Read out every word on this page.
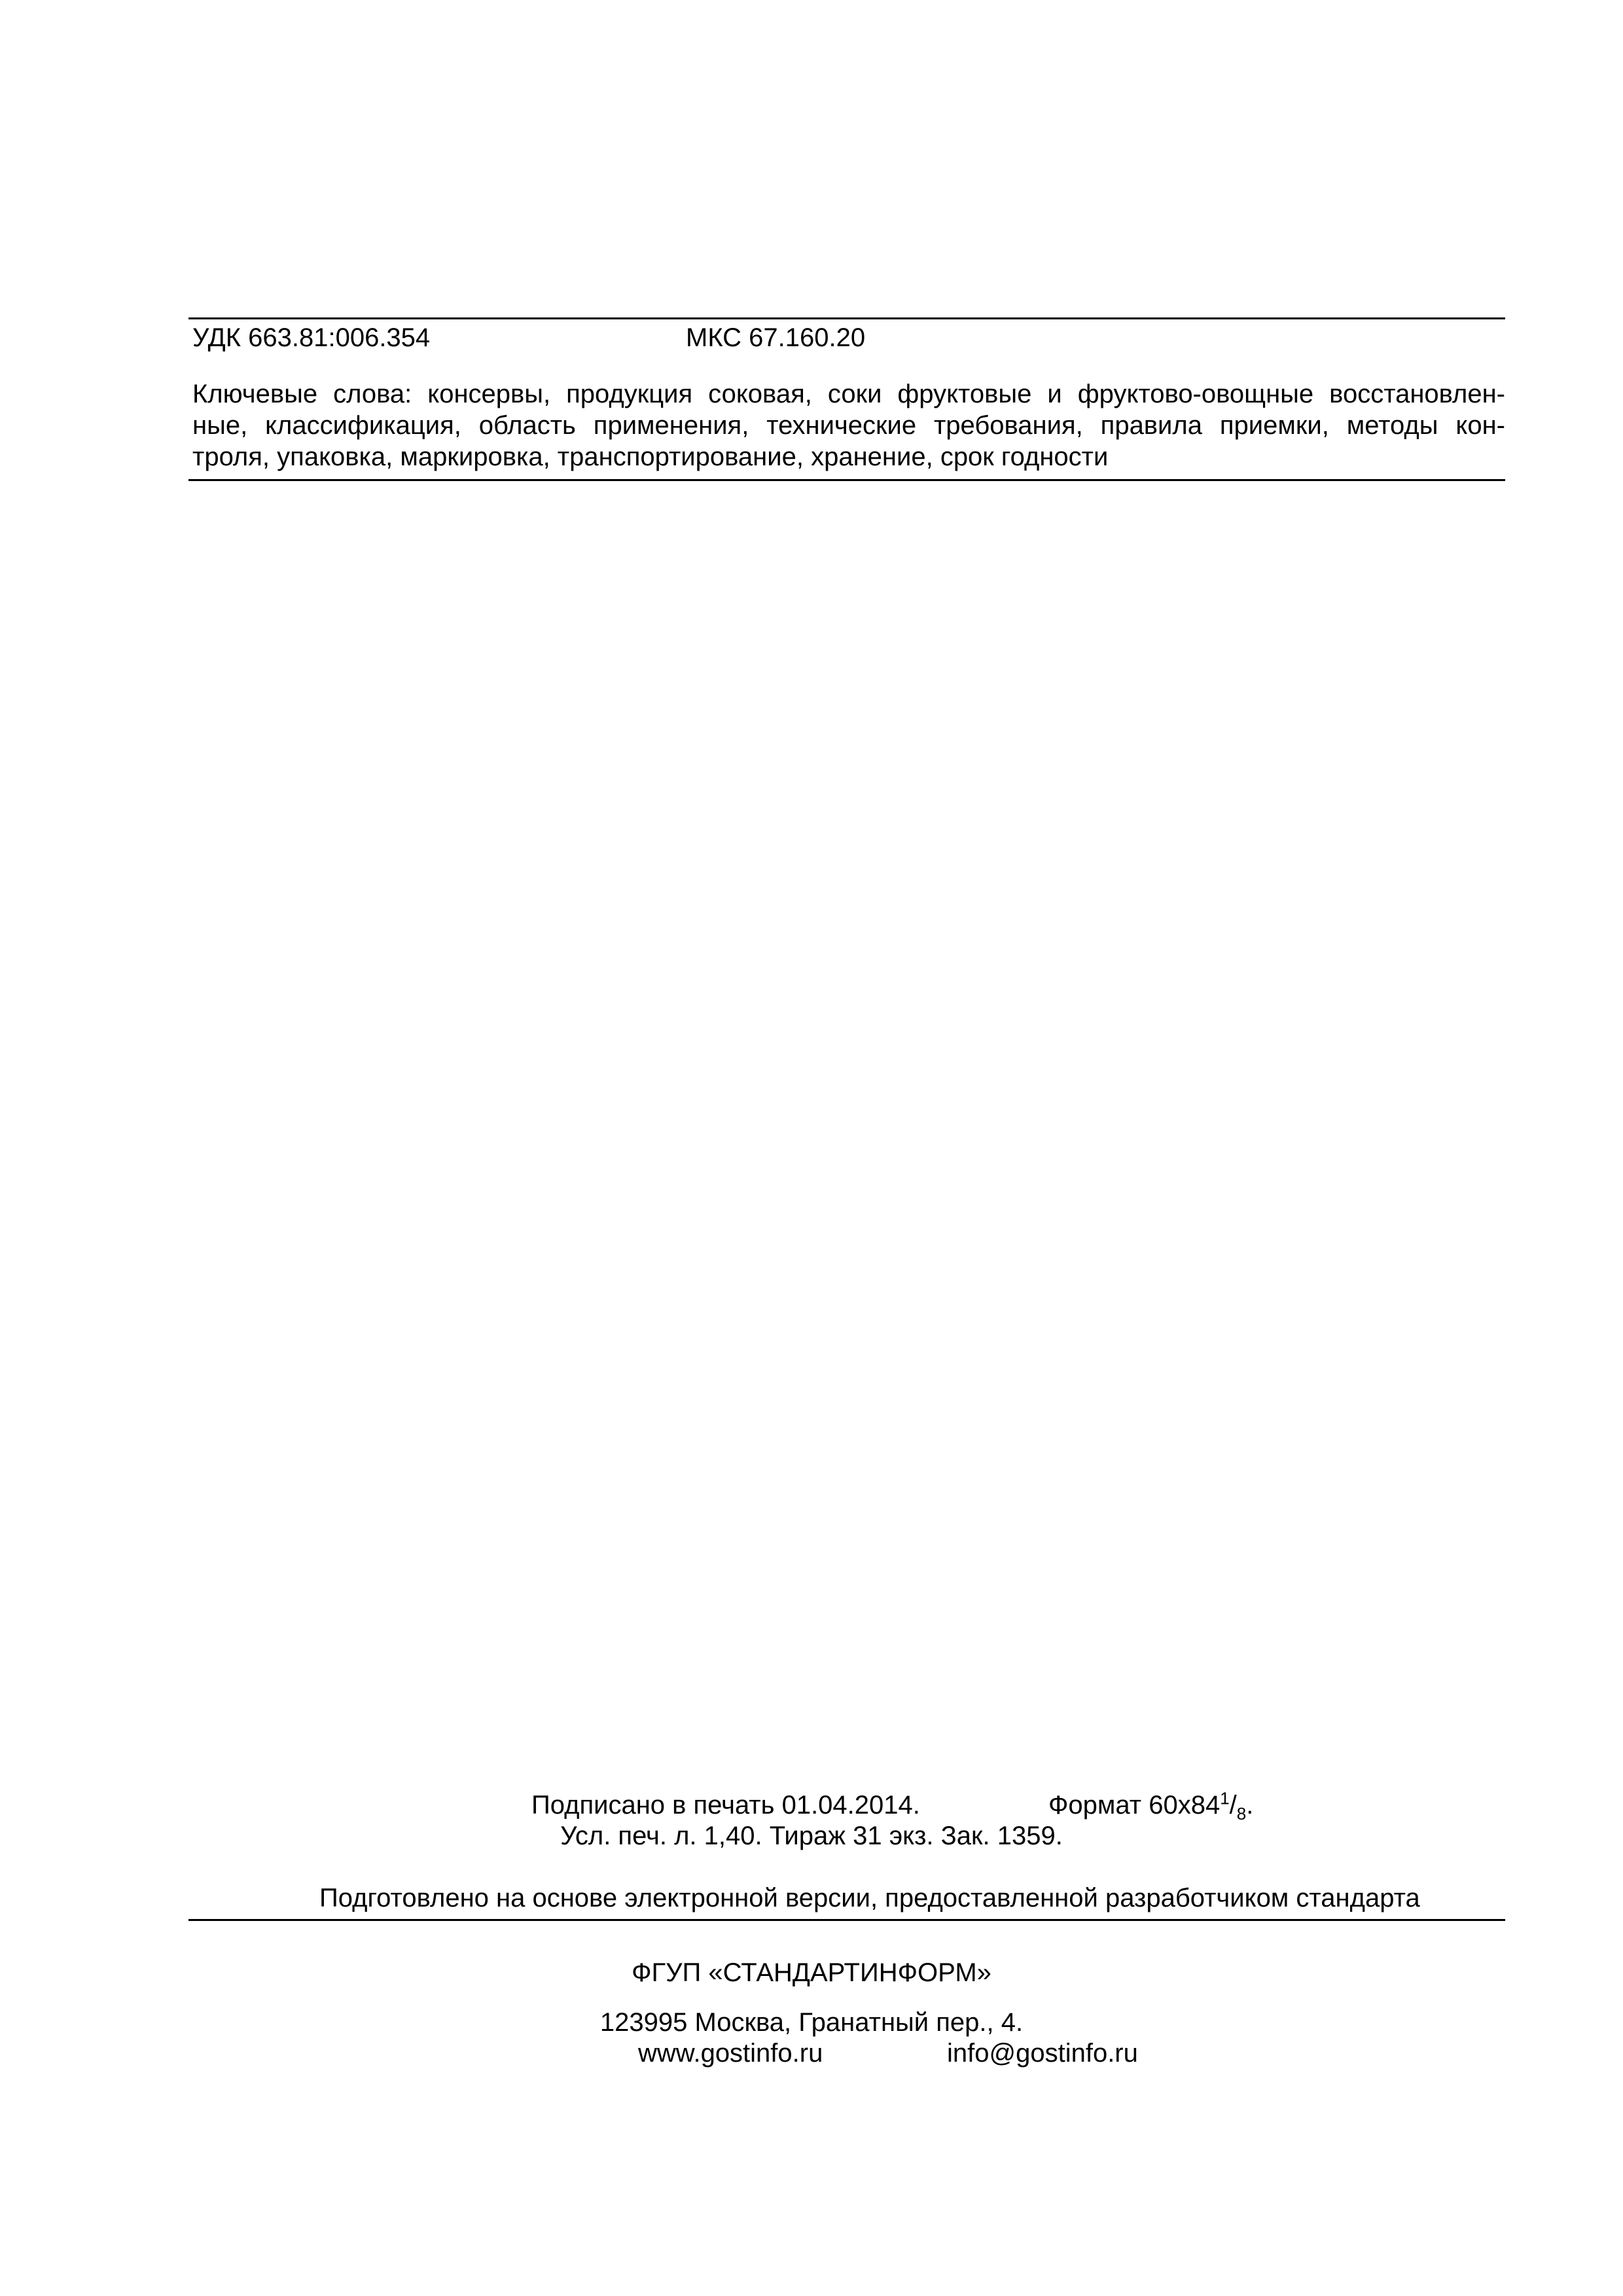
УДК 663.81:006.354	МКС 67.160.20
Ключевые слова: консервы, продукция соковая, соки фруктовые и фруктово-овощные восстановлен-
ные, классификация, область применения, технические требования, правила приемки, методы кон-
троля, упаковка, маркировка, транспортирование, хранение, срок годности
Подписано в печать 01.04.2014.	Формат $60х84^1/_8$.
Усл. печ. л. 1,40. Тираж 31 экз. Зак. 1359.
Подготовлено на основе электронной версии, предоставленной разработчиком стандарта
ФГУП «СТАНДАРТИНФОРМ»
123995 Москва, Гранатный пер., 4.
www.gostinfo.ru	info@gostinfo.ru
